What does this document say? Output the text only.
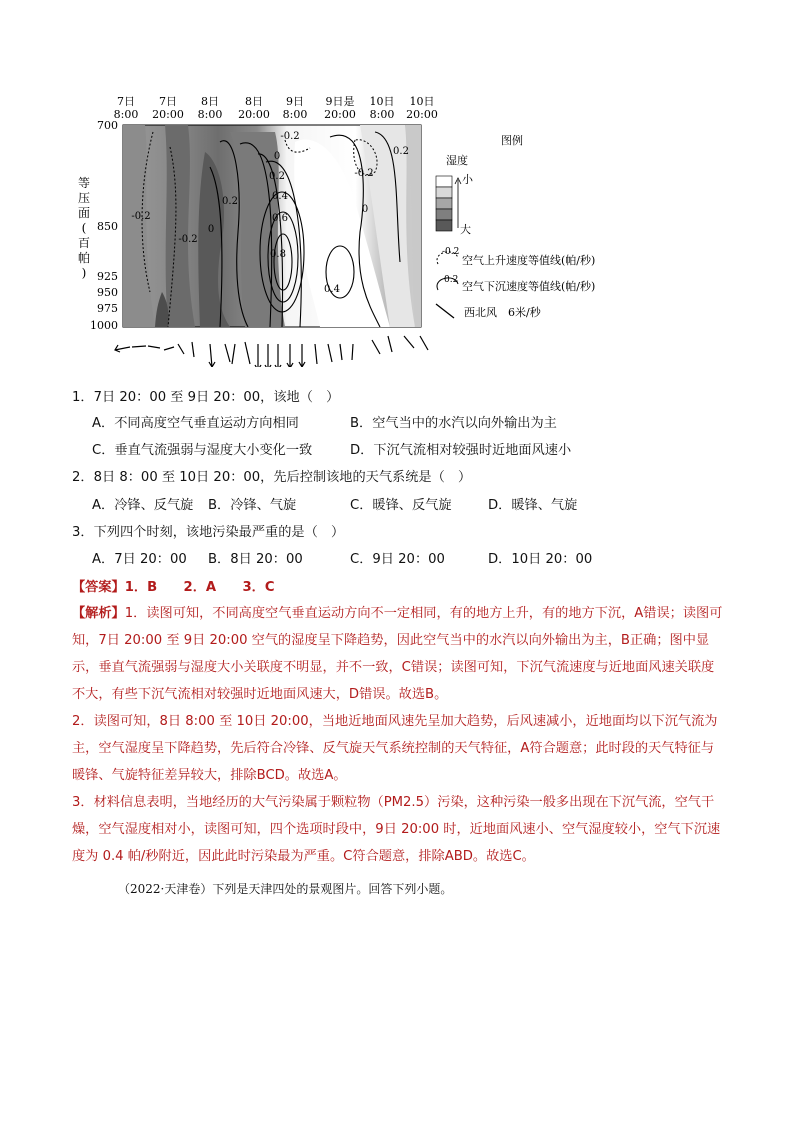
7日
8:00
7日
20:00
8日
8:00
8日
20:00
9日
8:00
9日是
20:00
10日
8:00
10日
20:00
700
850
925
950
975
1000
等
压
面
(
百
帕
)
-0.2
-0.2
-0.2
0.2
0
0
0.2
0.4
0.6
0.8
-0.2
0.2
0
0.4
图例
湿度
小
大
-0.2
空气上升速度等值线(帕/秒)
0.2 空气下沉速度等值线(帕/秒)
西北风　6米/秒
1．7日 20：00 至 9日 20：00，该地（　）
A．不同高度空气垂直运动方向相同	B．空气当中的水汽以向外输出为主
C．垂直气流强弱与湿度大小变化一致	D．下沉气流相对较强时近地面风速小
2．8日 8：00 至 10日 20：00，先后控制该地的天气系统是（　）
A．冷锋、反气旋 B．冷锋、气旋	C．暖锋、反气旋	D．暖锋、气旋
3．下列四个时刻，该地污染最严重的是（　）
A．7日 20：00 B．8日 20：00	C．9日 20：00	D．10日 20：00
【答案】1．B　　2．A　　3．C
【解析】1．读图可知，不同高度空气垂直运动方向不一定相同，有的地方上升，有的地方下沉，A错误；读图可知，7日 20:00 至 9日 20:00 空气的湿度呈下降趋势，因此空气当中的水汽以向外输出为主，B正确；图中显示，垂直气流强弱与湿度大小关联度不明显，并不一致，C错误；读图可知，下沉气流速度与近地面风速关联度不大，有些下沉气流相对较强时近地面风速大，D错误。故选B。
2．读图可知，8日 8:00 至 10日 20:00，当地近地面风速先呈加大趋势，后风速减小，近地面均以下沉气流为主，空气湿度呈下降趋势，先后符合冷锋、反气旋天气系统控制的天气特征，A符合题意；此时段的天气特征与暖锋、气旋特征差异较大，排除BCD。故选A。
3．材料信息表明，当地经历的大气污染属于颗粒物（PM2.5）污染，这种污染一般多出现在下沉气流，空气干燥，空气湿度相对小，读图可知，四个选项时段中，9日 20:00 时，近地面风速小、空气湿度较小，空气下沉速度为 0.4 帕/秒附近，因此此时污染最为严重。C符合题意，排除ABD。故选C。
（2022·天津卷）下列是天津四处的景观图片。回答下列小题。
